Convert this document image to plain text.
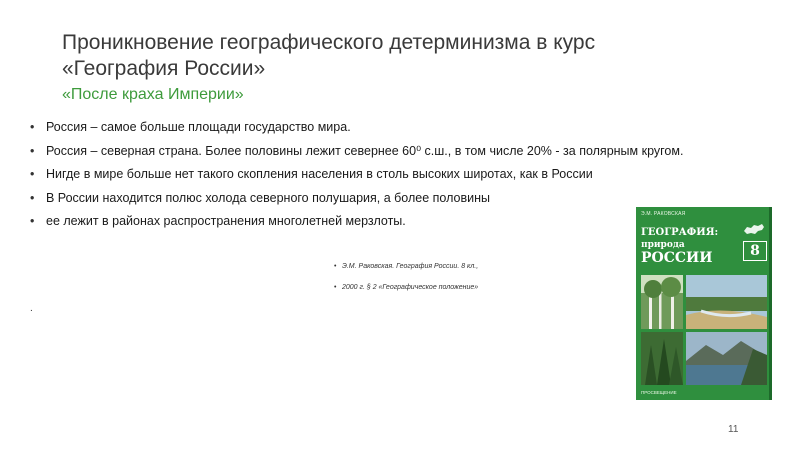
Проникновение географического детерминизма в курс
«География России»
«После краха Империи»
• Россия – самое больше площади государство мира.
• Россия – северная страна. Более половины лежит севернее 60⁰ с.ш., в том числе 20% - за полярным кругом.
• Нигде в мире больше нет такого скопления населения в столь высоких широтах, как в России
• В России находится полюс холода северного полушария, а более половины
• ее лежит в районах распространения многолетней мерзлоты.
• Э.М. Раковская. География России. 8 кл.,
• 2000 г. § 2 «Географическое положение»
.
Э.М. РАКОВСКАЯ
ГЕОГРАФИЯ:
природа
РОССИИ	8
ПРОСВЕЩЕНИЕ
11
